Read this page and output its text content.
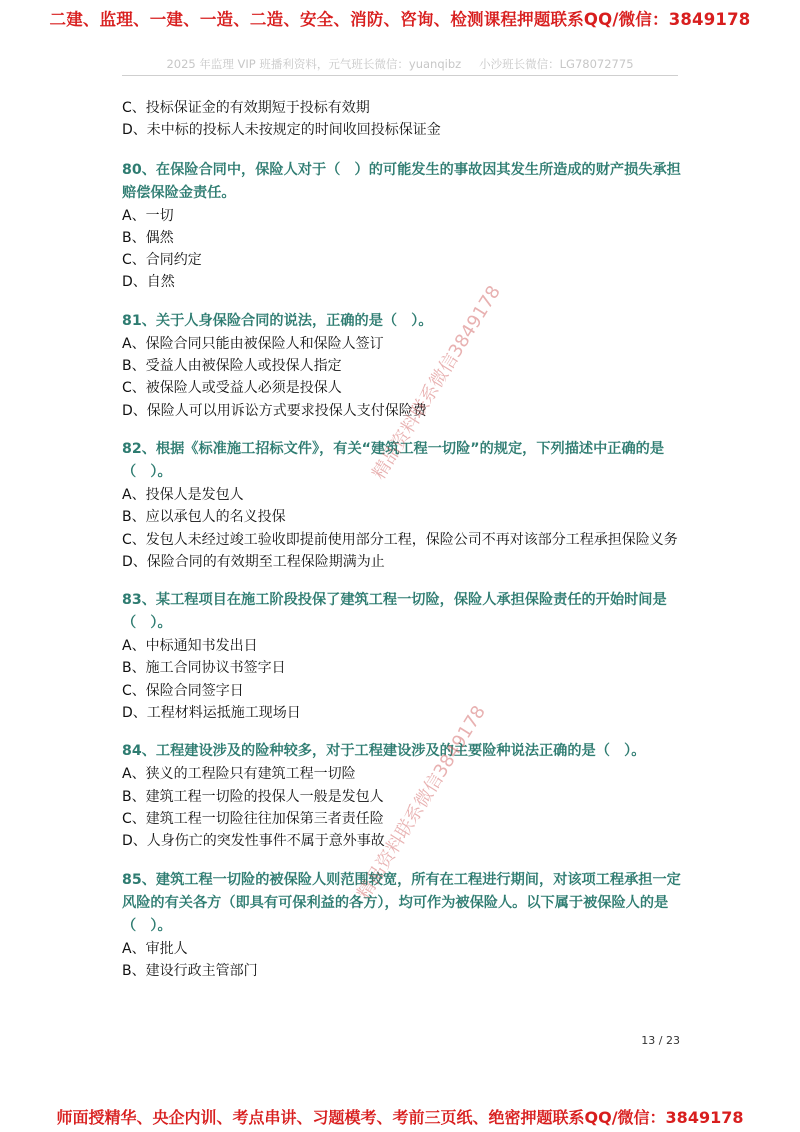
二建、监理、一建、一造、二造、安全、消防、咨询、检测课程押题联系QQ/微信：3849178
2025 年监理 VIP 班播利资料，元气班长微信：yuanqibz 小沙班长微信：LG78072775
C、投标保证金的有效期短于投标有效期
D、未中标的投标人未按规定的时间收回投标保证金
80、在保险合同中，保险人对于（　）的可能发生的事故因其发生所造成的财产损失承担赔偿保险金责任。
A、一切
B、偶然
C、合同约定
D、自然
81、关于人身保险合同的说法，正确的是（　）。
A、保险合同只能由被保险人和保险人签订
B、受益人由被保险人或投保人指定
C、被保险人或受益人必须是投保人
D、保险人可以用诉讼方式要求投保人支付保险费
82、根据《标准施工招标文件》，有关“建筑工程一切险”的规定，下列描述中正确的是（　）。
A、投保人是发包人
B、应以承包人的名义投保
C、发包人未经过竣工验收即提前使用部分工程，保险公司不再对该部分工程承担保险义务
D、保险合同的有效期至工程保险期满为止
83、某工程项目在施工阶段投保了建筑工程一切险，保险人承担保险责任的开始时间是（　）。
A、中标通知书发出日
B、施工合同协议书签字日
C、保险合同签字日
D、工程材料运抵施工现场日
84、工程建设涉及的险种较多，对于工程建设涉及的主要险种说法正确的是（　）。
A、狭义的工程险只有建筑工程一切险
B、建筑工程一切险的投保人一般是发包人
C、建筑工程一切险往往加保第三者责任险
D、人身伤亡的突发性事件不属于意外事故
85、建筑工程一切险的被保险人则范围较宽，所有在工程进行期间，对该项工程承担一定风险的有关各方（即具有可保利益的各方），均可作为被保险人。以下属于被保险人的是（　）。
A、审批人
B、建设行政主管部门
13 / 23
精品资料联系微信3849178
精品资料联系微信3849178
师面授精华、央企内训、考点串讲、习题模考、考前三页纸、绝密押题联系QQ/微信：3849178
